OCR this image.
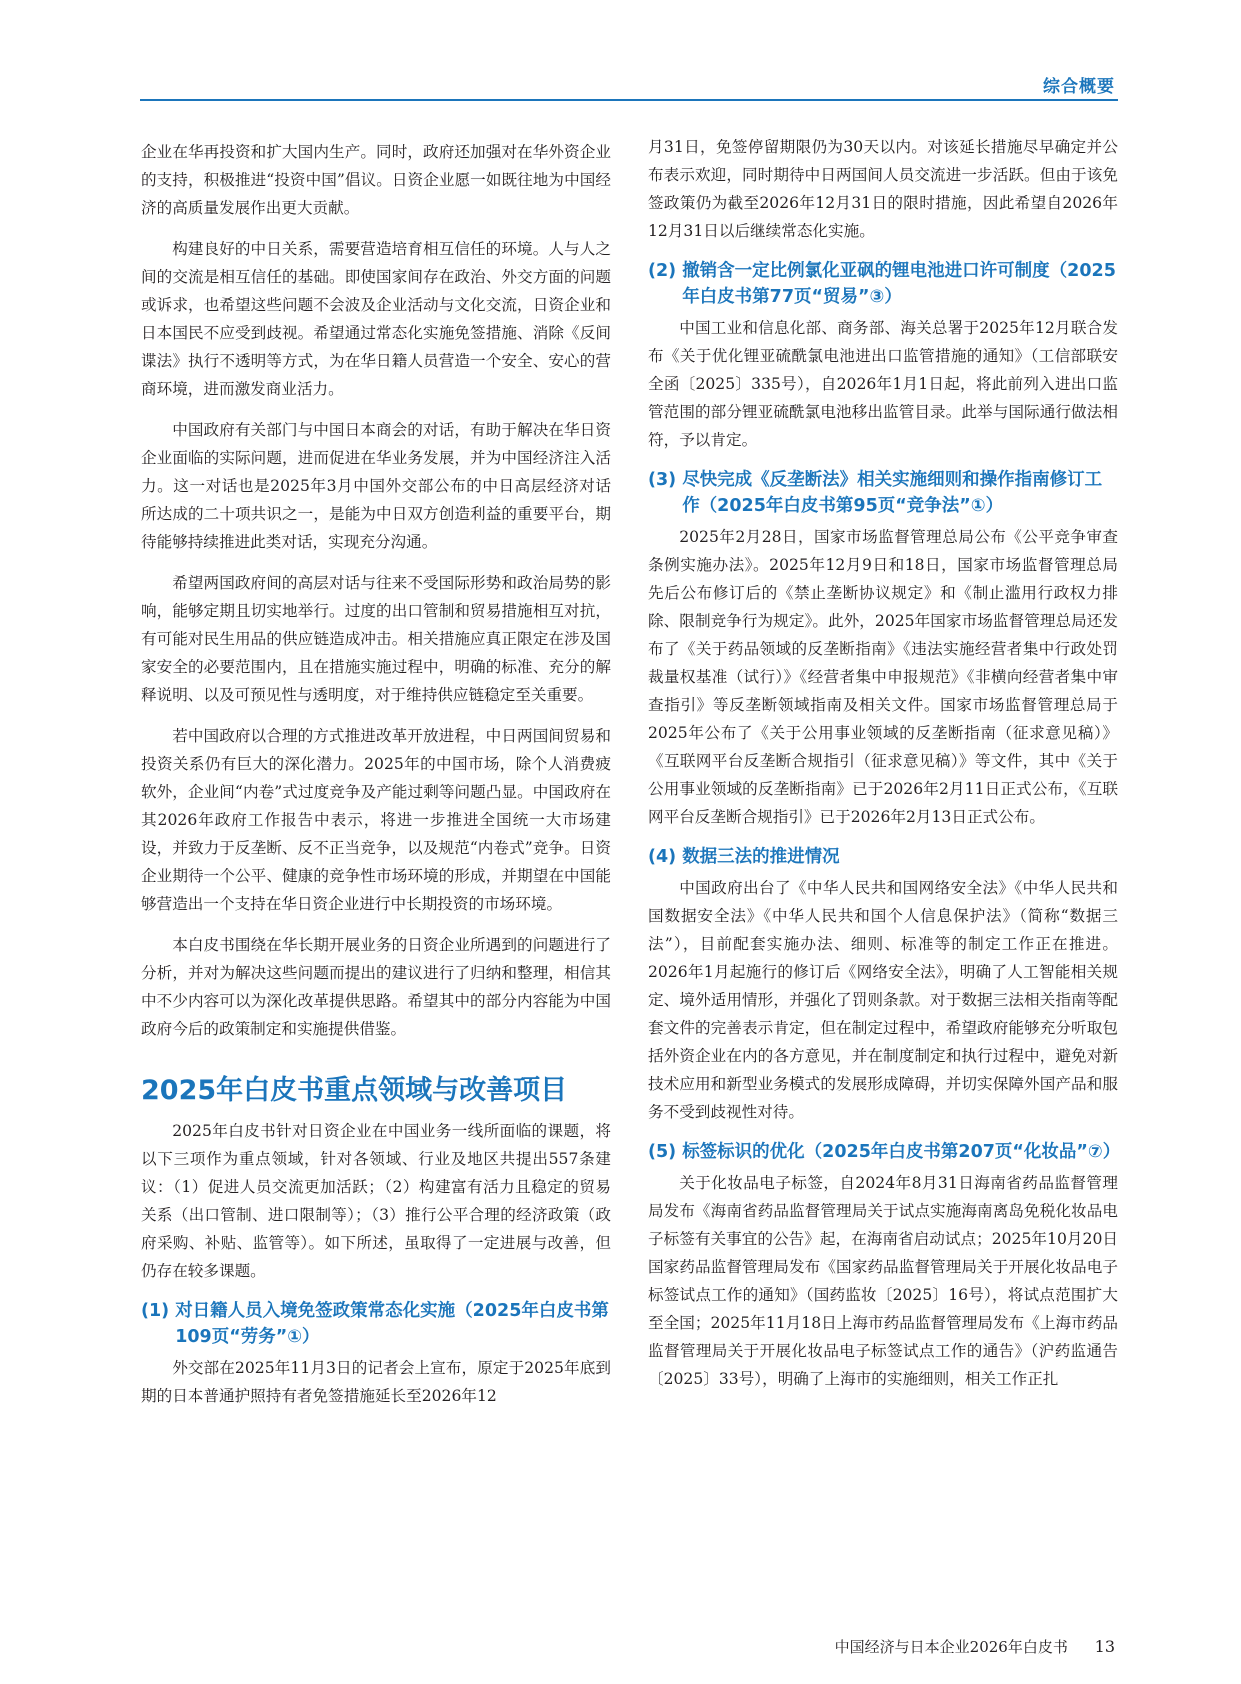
综合概要

企业在华再投资和扩大国内生产。同时，政府还加强对在华外资企业的支持，积极推进“投资中国”倡议。日资企业愿一如既往地为中国经济的高质量发展作出更大贡献。

构建良好的中日关系，需要营造培育相互信任的环境。人与人之间的交流是相互信任的基础。即使国家间存在政治、外交方面的问题或诉求，也希望这些问题不会波及企业活动与文化交流，日资企业和日本国民不应受到歧视。希望通过常态化实施免签措施、消除《反间谍法》执行不透明等方式，为在华日籍人员营造一个安全、安心的营商环境，进而激发商业活力。

中国政府有关部门与中国日本商会的对话，有助于解决在华日资企业面临的实际问题，进而促进在华业务发展，并为中国经济注入活力。这一对话也是2025年3月中国外交部公布的中日高层经济对话所达成的二十项共识之一，是能为中日双方创造利益的重要平台，期待能够持续推进此类对话，实现充分沟通。

希望两国政府间的高层对话与往来不受国际形势和政治局势的影响，能够定期且切实地举行。过度的出口管制和贸易措施相互对抗，有可能对民生用品的供应链造成冲击。相关措施应真正限定在涉及国家安全的必要范围内，且在措施实施过程中，明确的标准、充分的解释说明、以及可预见性与透明度，对于维持供应链稳定至关重要。

若中国政府以合理的方式推进改革开放进程，中日两国间贸易和投资关系仍有巨大的深化潜力。2025年的中国市场，除个人消费疲软外，企业间“内卷”式过度竞争及产能过剩等问题凸显。中国政府在其2026年政府工作报告中表示，将进一步推进全国统一大市场建设，并致力于反垄断、反不正当竞争，以及规范“内卷式”竞争。日资企业期待一个公平、健康的竞争性市场环境的形成，并期望在中国能够营造出一个支持在华日资企业进行中长期投资的市场环境。

本白皮书围绕在华长期开展业务的日资企业所遇到的问题进行了分析，并对为解决这些问题而提出的建议进行了归纳和整理，相信其中不少内容可以为深化改革提供思路。希望其中的部分内容能为中国政府今后的政策制定和实施提供借鉴。

2025年白皮书重点领域与改善项目

2025年白皮书针对日资企业在中国业务一线所面临的课题，将以下三项作为重点领域，针对各领域、行业及地区共提出557条建议：（1）促进人员交流更加活跃；（2）构建富有活力且稳定的贸易关系（出口管制、进口限制等）；（3）推行公平合理的经济政策（政府采购、补贴、监管等）。如下所述，虽取得了一定进展与改善，但仍存在较多课题。

(1) 对日籍人员入境免签政策常态化实施（2025年白皮书第109页“劳务”①）

外交部在2025年11月3日的记者会上宣布，原定于2025年底到期的日本普通护照持有者免签措施延长至2026年12

月31日，免签停留期限仍为30天以内。对该延长措施尽早确定并公布表示欢迎，同时期待中日两国间人员交流进一步活跃。但由于该免签政策仍为截至2026年12月31日的限时措施，因此希望自2026年12月31日以后继续常态化实施。

(2) 撤销含一定比例氯化亚砜的锂电池进口许可制度（2025年白皮书第77页“贸易”③）

中国工业和信息化部、商务部、海关总署于2025年12月联合发布《关于优化锂亚硫酰氯电池进出口监管措施的通知》（工信部联安全函〔2025〕335号），自2026年1月1日起，将此前列入进出口监管范围的部分锂亚硫酰氯电池移出监管目录。此举与国际通行做法相符，予以肯定。

(3) 尽快完成《反垄断法》相关实施细则和操作指南修订工作（2025年白皮书第95页“竞争法”①）

2025年2月28日，国家市场监督管理总局公布《公平竞争审查条例实施办法》。2025年12月9日和18日，国家市场监督管理总局先后公布修订后的《禁止垄断协议规定》和《制止滥用行政权力排除、限制竞争行为规定》。此外，2025年国家市场监督管理总局还发布了《关于药品领域的反垄断指南》《违法实施经营者集中行政处罚裁量权基准（试行）》《经营者集中申报规范》《非横向经营者集中审查指引》等反垄断领域指南及相关文件。国家市场监督管理总局于2025年公布了《关于公用事业领域的反垄断指南（征求意见稿）》《互联网平台反垄断合规指引（征求意见稿）》等文件，其中《关于公用事业领域的反垄断指南》已于2026年2月11日正式公布，《互联网平台反垄断合规指引》已于2026年2月13日正式公布。

(4) 数据三法的推进情况

中国政府出台了《中华人民共和国网络安全法》《中华人民共和国数据安全法》《中华人民共和国个人信息保护法》（简称“数据三法”），目前配套实施办法、细则、标准等的制定工作正在推进。2026年1月起施行的修订后《网络安全法》，明确了人工智能相关规定、境外适用情形，并强化了罚则条款。对于数据三法相关指南等配套文件的完善表示肯定，但在制定过程中，希望政府能够充分听取包括外资企业在内的各方意见，并在制度制定和执行过程中，避免对新技术应用和新型业务模式的发展形成障碍，并切实保障外国产品和服务不受到歧视性对待。

(5) 标签标识的优化（2025年白皮书第207页“化妆品”⑦）

关于化妆品电子标签，自2024年8月31日海南省药品监督管理局发布《海南省药品监督管理局关于试点实施海南离岛免税化妆品电子标签有关事宜的公告》起，在海南省启动试点；2025年10月20日国家药品监督管理局发布《国家药品监督管理局关于开展化妆品电子标签试点工作的通知》（国药监妆〔2025〕16号），将试点范围扩大至全国；2025年11月18日上海市药品监督管理局发布《上海市药品监督管理局关于开展化妆品电子标签试点工作的通告》（沪药监通告〔2025〕33号），明确了上海市的实施细则，相关工作正扎

中国经济与日本企业2026年白皮书 13
